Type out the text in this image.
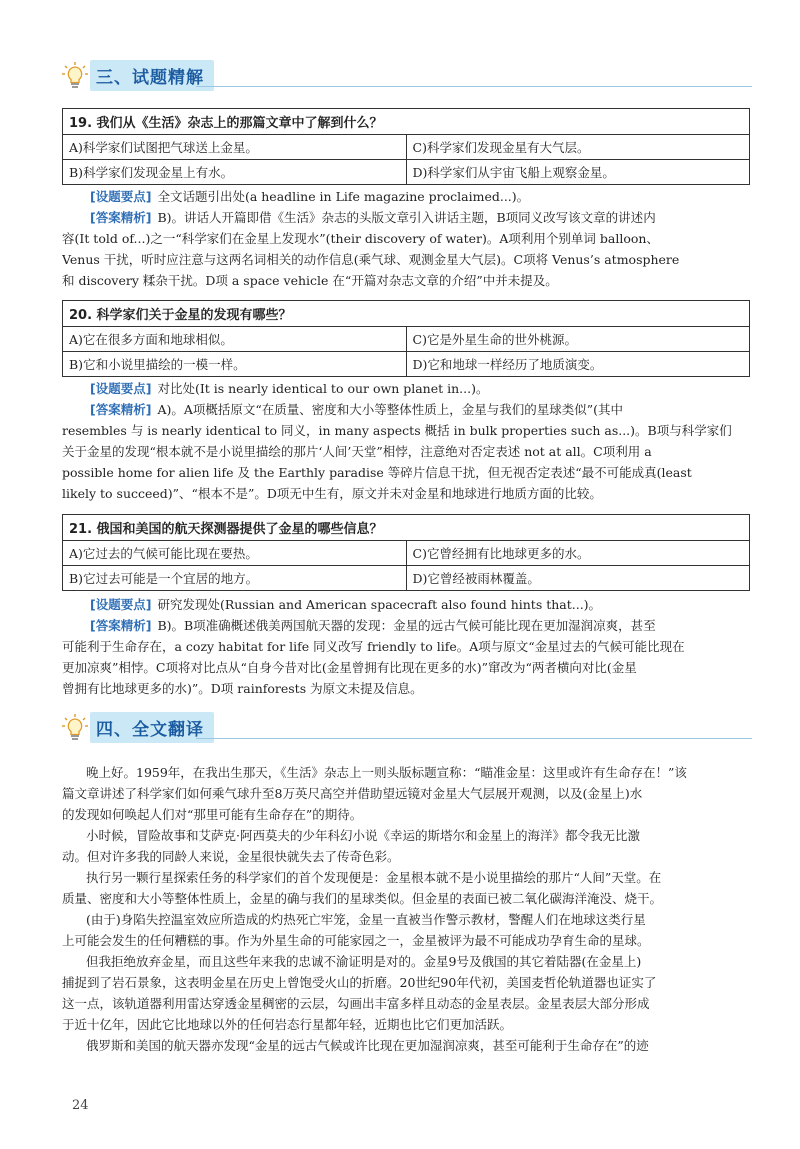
三、试题精解
19. 我们从《生活》杂志上的那篇文章中了解到什么？	
A)科学家们试图把气球送上金星。	C)科学家们发现金星有大气层。
B)科学家们发现金星上有水。	D)科学家们从宇宙飞船上观察金星。
[设题要点] 全文话题引出处(a headline in Life magazine proclaimed...)。
[答案精析] B)。讲话人开篇即借《生活》杂志的头版文章引入讲话主题，B项同义改写该文章的讲述内
容(It told of...)之一“科学家们在金星上发现水”(their discovery of water)。A项利用个别单词 balloon、
Venus 干扰，听时应注意与这两名词相关的动作信息(乘气球、观测金星大气层)。C项将 Venus’s atmosphere
和 discovery 糅杂干扰。D项 a space vehicle 在“开篇对杂志文章的介绍”中并未提及。
20. 科学家们关于金星的发现有哪些？	
A)它在很多方面和地球相似。	C)它是外星生命的世外桃源。
B)它和小说里描绘的一模一样。	D)它和地球一样经历了地质演变。
[设题要点] 对比处(It is nearly identical to our own planet in...)。
[答案精析] A)。A项概括原文“在质量、密度和大小等整体性质上，金星与我们的星球类似”(其中
resembles 与 is nearly identical to 同义，in many aspects 概括 in bulk properties such as...)。B项与科学家们
关于金星的发现“根本就不是小说里描绘的那片‘人间’天堂”相悖，注意绝对否定表述 not at all。C项利用 a
possible home for alien life 及 the Earthly paradise 等碎片信息干扰，但无视否定表述“最不可能成真(least
likely to succeed)”、“根本不是”。D项无中生有，原文并未对金星和地球进行地质方面的比较。
21. 俄国和美国的航天探测器提供了金星的哪些信息？	
A)它过去的气候可能比现在要热。	C)它曾经拥有比地球更多的水。
B)它过去可能是一个宜居的地方。	D)它曾经被雨林覆盖。
[设题要点] 研究发现处(Russian and American spacecraft also found hints that...)。
[答案精析] B)。B项准确概述俄美两国航天器的发现：金星的远古气候可能比现在更加湿润凉爽，甚至
可能利于生命存在，a cozy habitat for life 同义改写 friendly to life。A项与原文“金星过去的气候可能比现在
更加凉爽”相悖。C项将对比点从“自身今昔对比(金星曾拥有比现在更多的水)”窜改为“两者横向对比(金星
曾拥有比地球更多的水)”。D项 rainforests 为原文未提及信息。
四、全文翻译
晚上好。1959年，在我出生那天，《生活》杂志上一则头版标题宣称：“瞄准金星：这里或许有生命存在！”该
篇文章讲述了科学家们如何乘气球升至8万英尺高空并借助望远镜对金星大气层展开观测，以及(金星上)水
的发现如何唤起人们对“那里可能有生命存在”的期待。
小时候，冒险故事和艾萨克·阿西莫夫的少年科幻小说《幸运的斯塔尔和金星上的海洋》都令我无比激
动。但对许多我的同龄人来说，金星很快就失去了传奇色彩。
执行另一颗行星探索任务的科学家们的首个发现便是：金星根本就不是小说里描绘的那片“人间”天堂。在
质量、密度和大小等整体性质上，金星的确与我们的星球类似。但金星的表面已被二氧化碳海洋淹没、烧干。
(由于)身陷失控温室效应所造成的灼热死亡牢笼，金星一直被当作警示教材，警醒人们在地球这类行星
上可能会发生的任何糟糕的事。作为外星生命的可能家园之一，金星被评为最不可能成功孕育生命的星球。
但我拒绝放弃金星，而且这些年来我的忠诚不渝证明是对的。金星9号及俄国的其它着陆器(在金星上)
捕捉到了岩石景象，这表明金星在历史上曾饱受火山的折磨。20世纪90年代初，美国麦哲伦轨道器也证实了
这一点，该轨道器利用雷达穿透金星稠密的云层，勾画出丰富多样且动态的金星表层。金星表层大部分形成
于近十亿年，因此它比地球以外的任何岩态行星都年轻，近期也比它们更加活跃。
俄罗斯和美国的航天器亦发现“金星的远古气候或许比现在更加湿润凉爽，甚至可能利于生命存在”的迹
24
